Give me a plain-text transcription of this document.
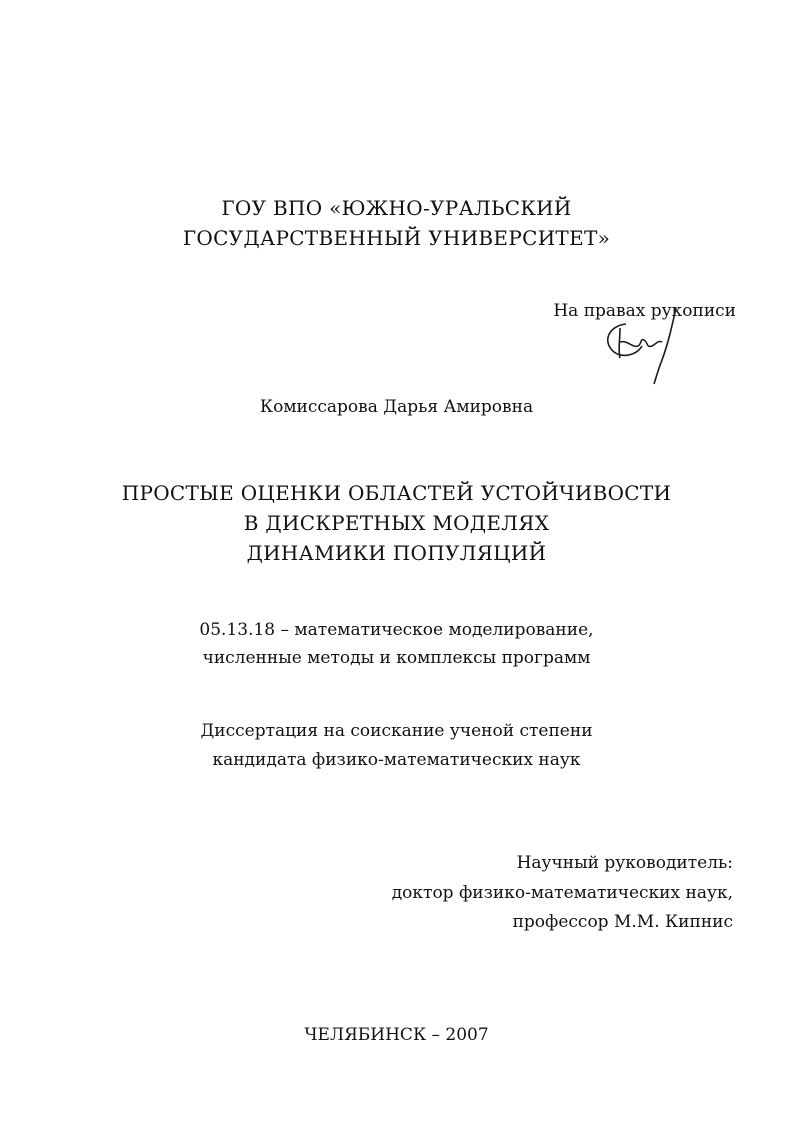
ГОУ ВПО «ЮЖНО-УРАЛЬСКИЙ
ГОСУДАРСТВЕННЫЙ УНИВЕРСИТЕТ»
На правах рукописи
Комиссарова Дарья Амировна
ПРОСТЫЕ ОЦЕНКИ ОБЛАСТЕЙ УСТОЙЧИВОСТИ
В ДИСКРЕТНЫХ МОДЕЛЯХ
ДИНАМИКИ ПОПУЛЯЦИЙ
05.13.18 – математическое моделирование,
численные методы и комплексы программ
Диссертация на соискание ученой степени
кандидата физико-математических наук
Научный руководитель:
доктор физико-математических наук,
профессор М.М. Кипнис
ЧЕЛЯБИНСК – 2007
